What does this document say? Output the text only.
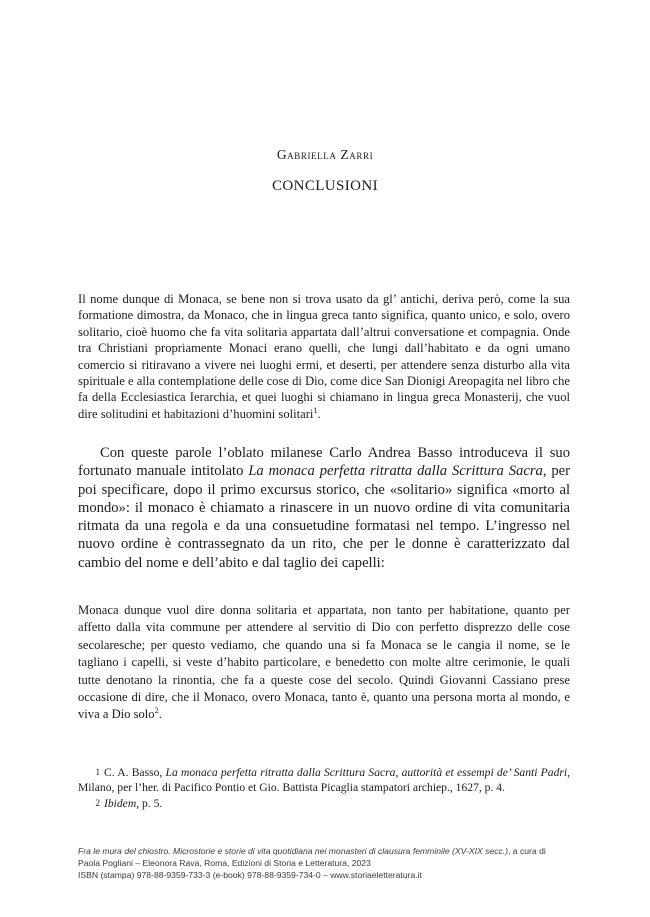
Gabriella Zarri
CONCLUSIONI

Il nome dunque di Monaca, se bene non si trova usato da gl’ antichi, deriva però, come la sua formatione dimostra, da Monaco, che in lingua greca tanto significa, quanto unico, e solo, overo solitario, cioè huomo che fa vita solitaria appartata dall’altrui conversatione et compagnia. Onde tra Christiani propriamente Monaci erano quelli, che lungi dall’habitato e da ogni umano comercio si ritiravano a vivere nei luoghi ermi, et deserti, per attendere senza disturbo alla vita spirituale e alla contemplatione delle cose di Dio, come dice San Dionigi Areopagita nel libro che fa della Ecclesiastica Ierarchia, et quei luoghi si chiamano in lingua greca Monasterij, che vuol dire solitudini et habitazioni d’huomini solitari$^1$.

Con queste parole l’oblato milanese Carlo Andrea Basso introduceva il suo fortunato manuale intitolato La monaca perfetta ritratta dalla Scrittura Sacra, per poi specificare, dopo il primo excursus storico, che «solitario» significa «morto al mondo»: il monaco è chiamato a rinascere in un nuovo ordine di vita comunitaria ritmata da una regola e da una consuetudine formatasi nel tempo. L’ingresso nel nuovo ordine è contrassegnato da un rito, che per le donne è caratterizzato dal cambio del nome e dell’abito e dal taglio dei capelli:

Monaca dunque vuol dire donna solitaria et appartata, non tanto per habitatione, quanto per affetto dalla vita commune per attendere al servitio di Dio con perfetto disprezzo delle cose secolaresche; per questo vediamo, che quando una si fa Monaca se le cangia il nome, se le tagliano i capelli, si veste d’habito particolare, e benedetto con molte altre cerimonie, le quali tutte denotano la rinontia, che fa a queste cose del secolo. Quindi Giovanni Cassiano prese occasione di dire, che il Monaco, overo Monaca, tanto è, quanto una persona morta al mondo, e viva a Dio solo$^2$.

1 C. A. Basso, La monaca perfetta ritratta dalla Scrittura Sacra, auttorità et essempi de’ Santi Padri, Milano, per l’her. di Pacifico Pontio et Gio. Battista Picaglia stampatori archiep., 1627, p. 4.

2 Ibidem, p. 5.

Fra le mura del chiostro. Microstorie e storie di vita quotidiana nei monasteri di clausura femminile (XV-XIX secc.), a cura di Paola Pogliani – Eleonora Rava, Roma, Edizioni di Storia e Letteratura, 2023

ISBN (stampa) 978-88-9359-733-3 (e-book) 978-88-9359-734-0 – www.storiaeletteratura.it
